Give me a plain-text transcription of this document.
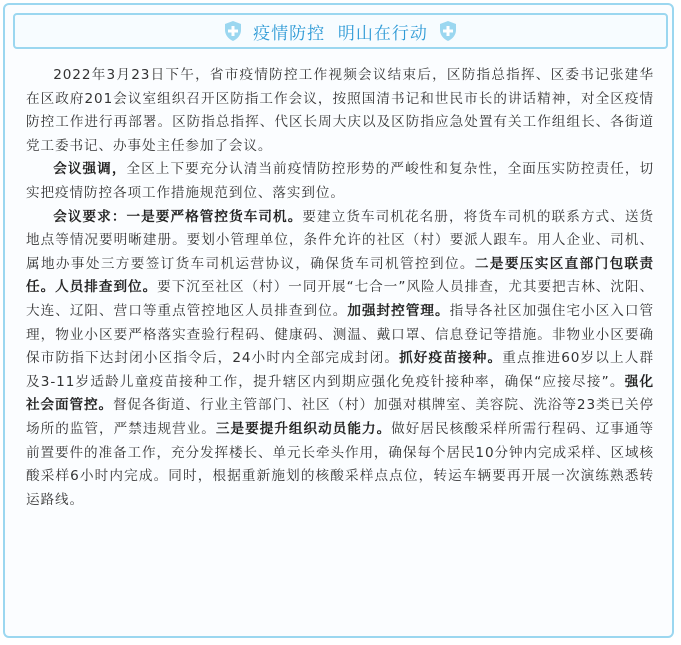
疫情防控  明山在行动

2022年3月23日下午，省市疫情防控工作视频会议结束后，区防指总指挥、区委书记张建华在区政府201会议室组织召开区防指工作会议，按照国清书记和世民市长的讲话精神，对全区疫情防控工作进行再部署。区防指总指挥、代区长周大庆以及区防指应急处置有关工作组组长、各街道党工委书记、办事处主任参加了会议。

会议强调，全区上下要充分认清当前疫情防控形势的严峻性和复杂性，全面压实防控责任，切实把疫情防控各项工作措施规范到位、落实到位。

会议要求：一是要严格管控货车司机。要建立货车司机花名册，将货车司机的联系方式、送货地点等情况要明晰建册。要划小管理单位，条件允许的社区（村）要派人跟车。用人企业、司机、属地办事处三方要签订货车司机运营协议，确保货车司机管控到位。二是要压实区直部门包联责任。人员排查到位。要下沉至社区（村）一同开展“七合一”风险人员排查，尤其要把吉林、沈阳、大连、辽阳、营口等重点管控地区人员排查到位。加强封控管理。指导各社区加强住宅小区入口管理，物业小区要严格落实查验行程码、健康码、测温、戴口罩、信息登记等措施。非物业小区要确保市防指下达封闭小区指令后，24小时内全部完成封闭。抓好疫苗接种。重点推进60岁以上人群及3-11岁适龄儿童疫苗接种工作，提升辖区内到期应强化免疫针接种率，确保“应接尽接”。强化社会面管控。督促各街道、行业主管部门、社区（村）加强对棋牌室、美容院、洗浴等23类已关停场所的监管，严禁违规营业。三是要提升组织动员能力。做好居民核酸采样所需行程码、辽事通等前置要件的准备工作，充分发挥楼长、单元长牵头作用，确保每个居民10分钟内完成采样、区域核酸采样6小时内完成。同时，根据重新施划的核酸采样点点位，转运车辆要再开展一次演练熟悉转运路线。
